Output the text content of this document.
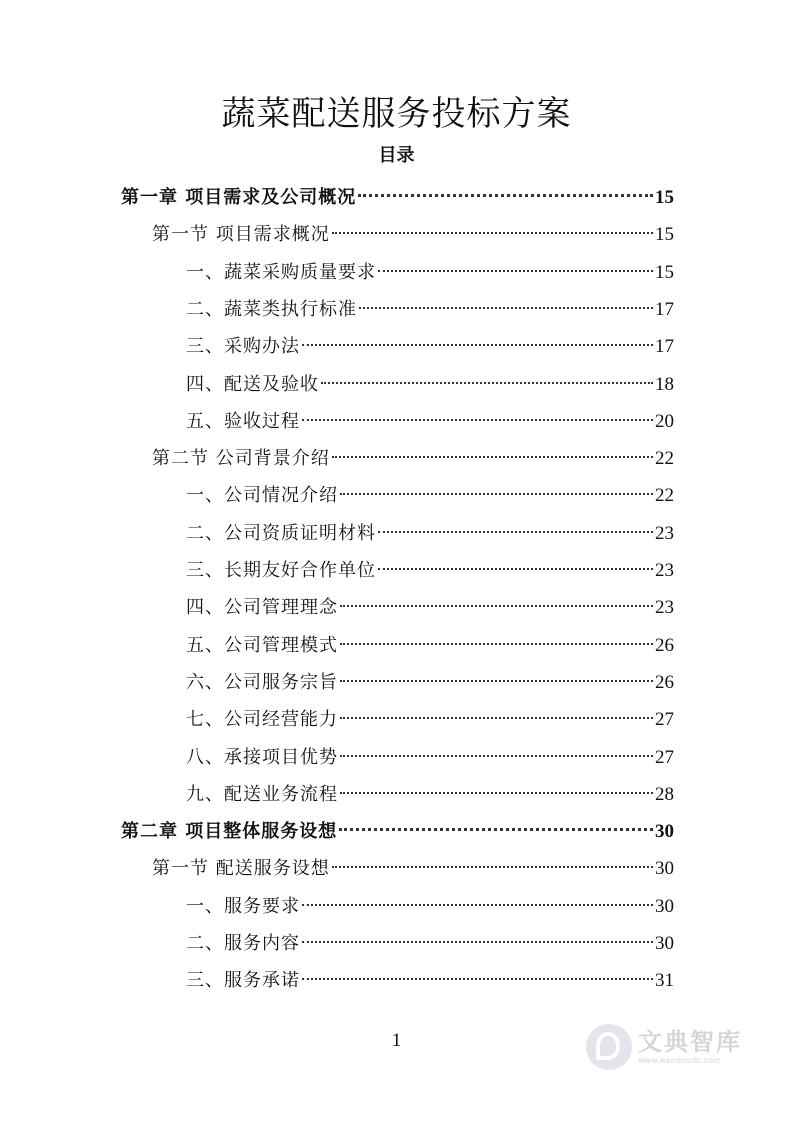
蔬菜配送服务投标方案
目录
第一章 项目需求及公司概况	15
第一节 项目需求概况	15
一、蔬菜采购质量要求	15
二、蔬菜类执行标准	17
三、采购办法	17
四、配送及验收	18
五、验收过程	20
第二节 公司背景介绍	22
一、公司情况介绍	22
二、公司资质证明材料	23
三、长期友好合作单位	23
四、公司管理理念	23
五、公司管理模式	26
六、公司服务宗旨	26
七、公司经营能力	27
八、承接项目优势	27
九、配送业务流程	28
第二章 项目整体服务设想	30
第一节 配送服务设想	30
一、服务要求	30
二、服务内容	30
三、服务承诺	31
1	文典智库
www.wendoudb.com
